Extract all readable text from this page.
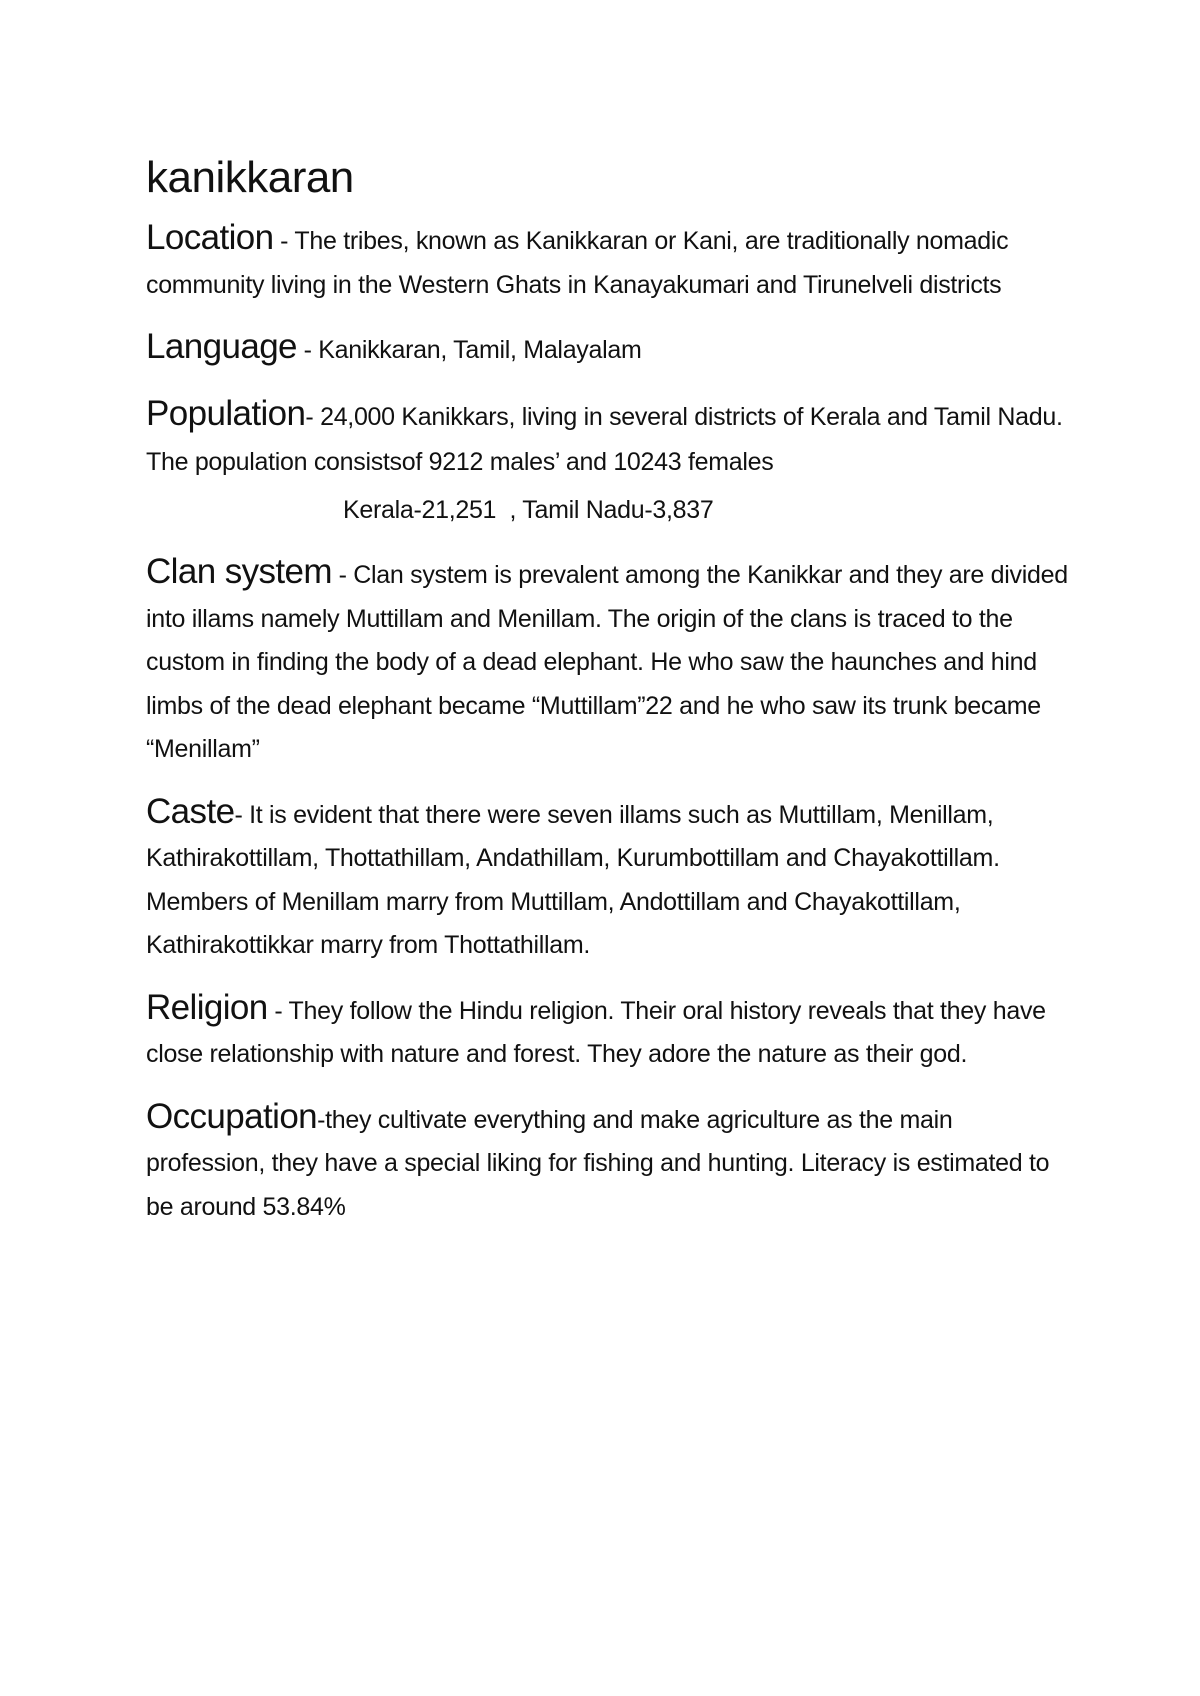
kanikkaran

Location - The tribes, known as Kanikkaran or Kani, are traditionally nomadic community living in the Western Ghats in Kanayakumari and Tirunelveli districts

Language - Kanikkaran, Tamil, Malayalam

Population- 24,000 Kanikkars, living in several districts of Kerala and Tamil Nadu. The population consistsof 9212 males’ and 10243 females

Kerala-21,251  , Tamil Nadu-3,837

Clan system - Clan system is prevalent among the Kanikkar and they are divided into illams namely Muttillam and Menillam. The origin of the clans is traced to the custom in finding the body of a dead elephant. He who saw the haunches and hind limbs of the dead elephant became “Muttillam”22 and he who saw its trunk became “Menillam”

Caste- It is evident that there were seven illams such as Muttillam, Menillam, Kathirakottillam, Thottathillam, Andathillam, Kurumbottillam and Chayakottillam. Members of Menillam marry from Muttillam, Andottillam and Chayakottillam, Kathirakottikkar marry from Thottathillam.

Religion - They follow the Hindu religion. Their oral history reveals that they have close relationship with nature and forest. They adore the nature as their god.

Occupation-they cultivate everything and make agriculture as the main profession, they have a special liking for fishing and hunting. Literacy is estimated to be around 53.84%
